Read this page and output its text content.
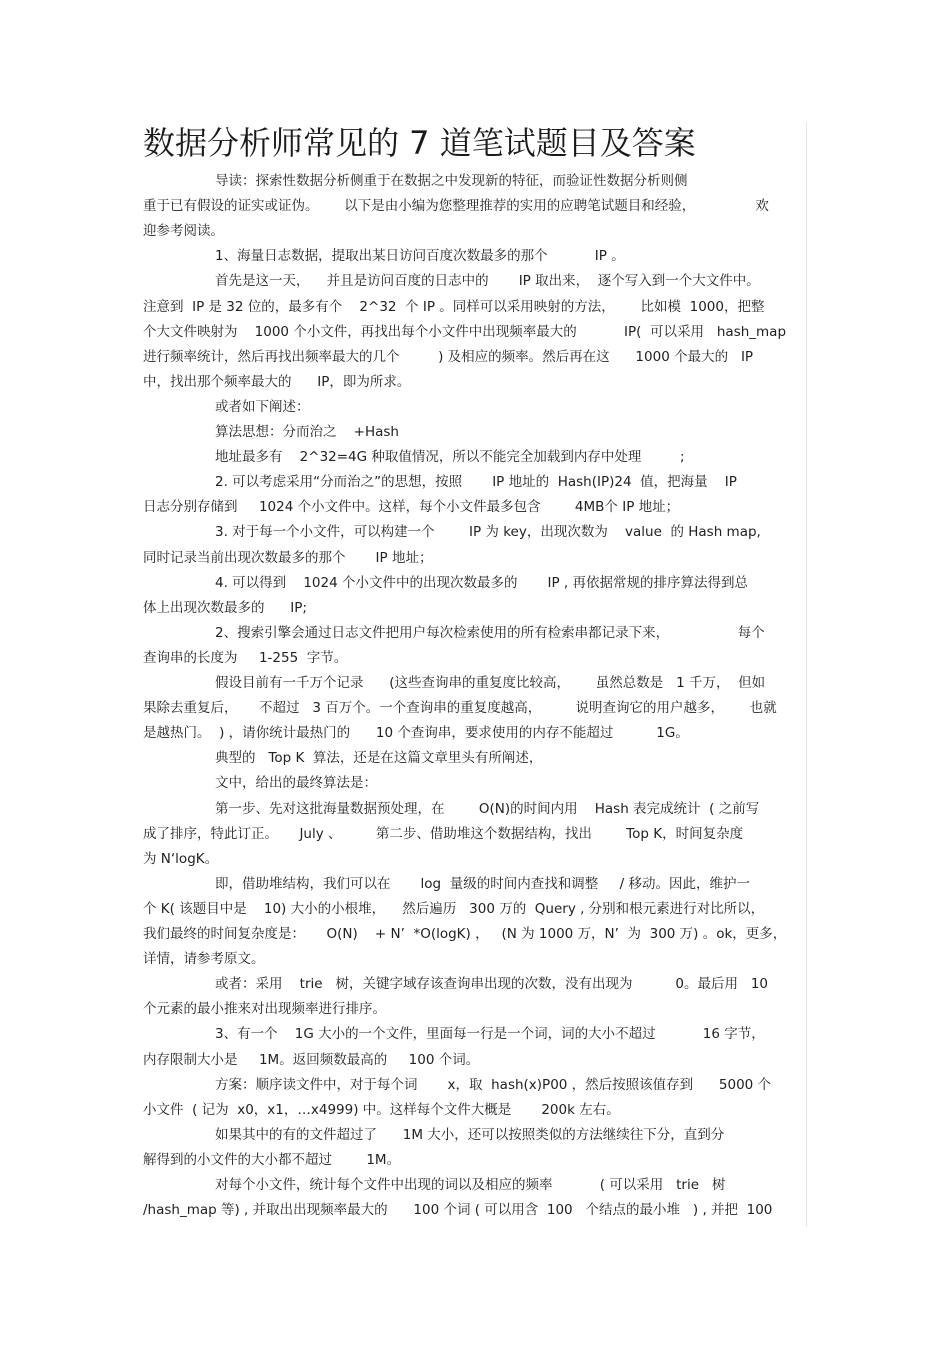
数据分析师常见的 7 道笔试题目及答案
导读：探索性数据分析侧重于在数据之中发现新的特征，而验证性数据分析则侧
重于已有假设的证实或证伪。      以下是由小编为您整理推荐的实用的应聘笔试题目和经验，              欢
迎参考阅读。
1、海量日志数据，提取出某日访问百度次数最多的那个           IP 。
首先是这一天，    并且是访问百度的日志中的       IP 取出来，  逐个写入到一个大文件中。
注意到  IP 是 32 位的，最多有个    2^32  个 IP 。同样可以采用映射的方法，      比如模  1000，把整
个大文件映射为    1000 个小文件，再找出每个小文件中出现频率最大的           IP(  可以采用   hash_map
进行频率统计，然后再找出频率最大的几个         ) 及相应的频率。然后再在这      1000 个最大的   IP
中，找出那个频率最大的      IP，即为所求。
或者如下阐述：
算法思想：分而治之    +Hash
地址最多有    2^32=4G 种取值情况，所以不能完全加载到内存中处理         ;
2. 可以考虑采用“分而治之”的思想，按照       IP 地址的  Hash(IP)24  值，把海量    IP
日志分别存储到     1024 个小文件中。这样，每个小文件最多包含        4MB个 IP 地址；
3. 对于每一个小文件，可以构建一个        IP 为 key，出现次数为    value  的 Hash map,
同时记录当前出现次数最多的那个       IP 地址；
4. 可以得到    1024 个小文件中的出现次数最多的       IP , 再依据常规的排序算法得到总
体上出现次数最多的      IP;
2、搜索引擎会通过日志文件把用户每次检索使用的所有检索串都记录下来，                每个
查询串的长度为     1-255  字节。
假设目前有一千万个记录      (这些查询串的重复度比较高，      虽然总数是   1 千万，  但如
果除去重复后，     不超过   3 百万个。一个查询串的重复度越高，        说明查询它的用户越多，      也就
是越热门。  ) ，请你统计最热门的      10 个查询串，要求使用的内存不能超过          1G。
典型的   Top K  算法，还是在这篇文章里头有所阐述，
文中，给出的最终算法是：
第一步、先对这批海量数据预处理，在        O(N)的时间内用    Hash 表完成统计  ( 之前写
成了排序，特此订正。     July 、        第二步、借助堆这个数据结构，找出        Top K，时间复杂度
为 N‘logK。
即，借助堆结构，我们可以在       log  量级的时间内查找和调整     / 移动。因此，维护一
个 K( 该题目中是    10) 大小的小根堆，    然后遍历   300 万的  Query , 分别和根元素进行对比所以，
我们最终的时间复杂度是：     O(N)    + N’  *O(logK) ，   (N 为 1000 万，N’  为  300 万) 。ok，更多，
详情，请参考原文。
或者：采用    trie   树，关键字域存该查询串出现的次数，没有出现为          0。最后用   10
个元素的最小推来对出现频率进行排序。
3、有一个    1G 大小的一个文件，里面每一行是一个词，词的大小不超过           16 字节，
内存限制大小是     1M。返回频数最高的     100 个词。
方案：顺序读文件中，对于每个词       x，取  hash(x)P00 ，然后按照该值存到      5000 个
小文件  ( 记为  x0，x1，…x4999) 中。这样每个文件大概是       200k 左右。
如果其中的有的文件超过了      1M 大小，还可以按照类似的方法继续往下分，直到分
解得到的小文件的大小都不超过        1M。
对每个小文件，统计每个文件中出现的词以及相应的频率           ( 可以采用   trie   树
/hash_map 等) , 并取出出现频率最大的      100 个词 ( 可以用含  100   个结点的最小堆   ) , 并把  100
